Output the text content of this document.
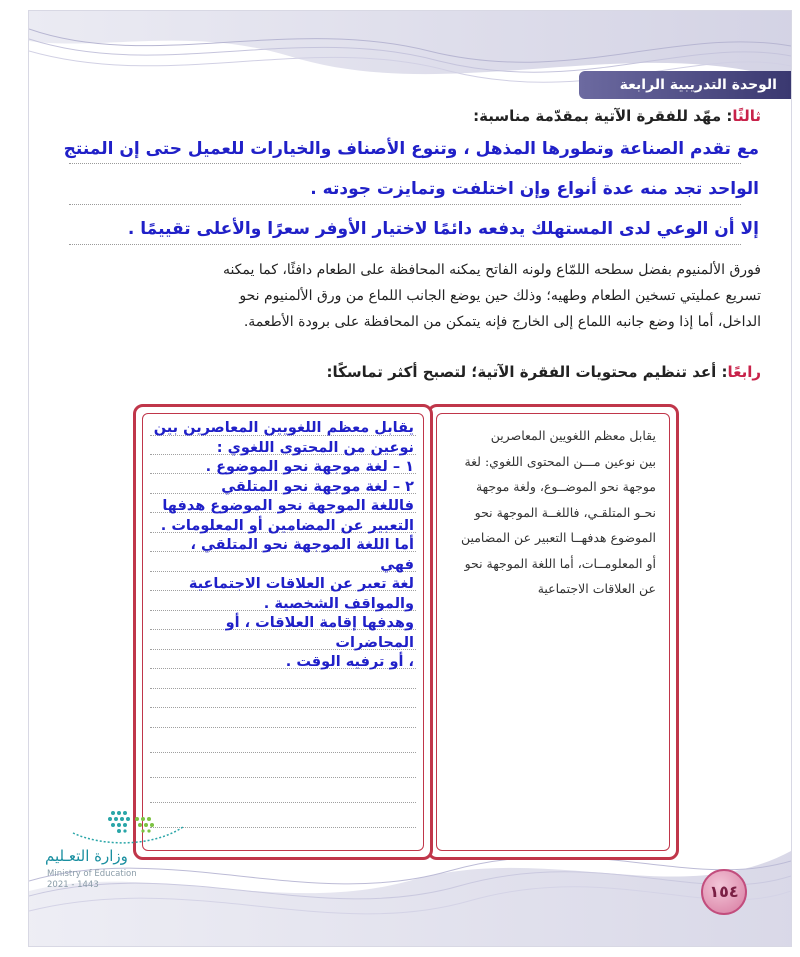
الوحدة التدريبية الرابعة
ثالثًا: مهّد للفقرة الآتية بمقدّمة مناسبة:
مع تقدم الصناعة وتطورها المذهل ، وتنوع الأصناف والخيارات للعميل حتى إن المنتج
الواحد تجد منه عدة أنواع وإن اختلفت وتمايزت جودته .
إلا أن الوعي لدى المستهلك يدفعه دائمًا لاختيار الأوفر سعرًا والأعلى تقييمًا .
فورق الألمنيوم بفضل سطحه اللمّاع ولونه الفاتح يمكنه المحافظة على الطعام دافئًا، كما يمكنه
تسريع عمليتي تسخين الطعام وطهيه؛ وذلك حين يوضع الجانب اللماع من ورق الألمنيوم نحو
الداخل، أما إذا وضع جانبه اللماع إلى الخارج فإنه يتمكن من المحافظة على برودة الأطعمة.
رابعًا: أعد تنظيم محتويات الفقرة الآتية؛ لتصبح أكثر تماسكًا:
يقابل معظم اللغويين المعاصرين
بين نوعين مـــن المحتوى اللغوي: لغة
موجهة نحو الموضــوع، ولغة موجهة
نحـو المتلقـي، فاللغــة الموجهة نحو
الموضوع هدفهــا التعبير عن المضامين
أو المعلومــات، أما اللغة الموجهة نحو
عن العلاقات الاجتماعية
يقابل معظم اللغويين المعاصرين بين
نوعين من المحتوى اللغوي :
١ – لغة موجهة نحو الموضوع .
٢ – لغة موجهة نحو المتلقي
فاللغة الموجهة نحو الموضوع هدفها
التعبير عن المضامين أو المعلومات .
أما اللغة الموجهة نحو المتلقي ، فهي
لغة تعبر عن العلاقات الاجتماعية
والمواقف الشخصية .
وهدفها إقامة العلاقات ، أو المحاضرات
، أو ترفيه الوقت .
وزارة التعـليم
Ministry of Education
2021 - 1443	١٥٤
